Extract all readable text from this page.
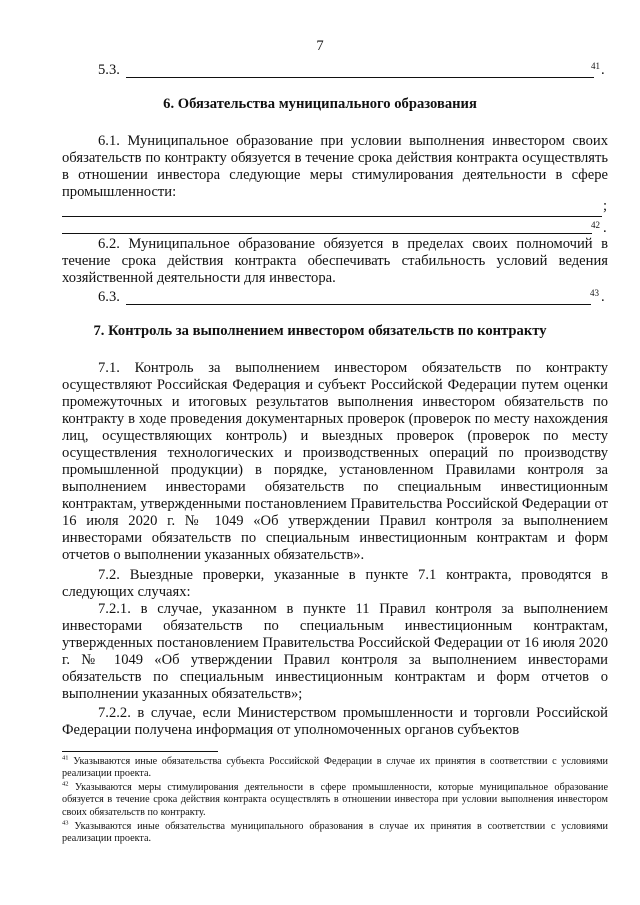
7
5.3.	41 .
6. Обязательства муниципального образования
6.1. Муниципальное образование при условии выполнения инвестором своих обязательств по контракту обязуется в течение срока действия контракта осуществлять в отношении инвестора следующие меры стимулирования деятельности в сфере промышленности:
;
42 .
6.2. Муниципальное образование обязуется в пределах своих полномочий в течение срока действия контракта обеспечивать стабильность условий ведения хозяйственной деятельности для инвестора.
6.3.	43 .
7. Контроль за выполнением инвестором обязательств по контракту
7.1. Контроль за выполнением инвестором обязательств по контракту осуществляют Российская Федерация и субъект Российской Федерации путем оценки промежуточных и итоговых результатов выполнения инвестором обязательств по контракту в ходе проведения документарных проверок (проверок по месту нахождения лиц, осуществляющих контроль) и выездных проверок (проверок по месту осуществления технологических и производственных операций по производству промышленной продукции) в порядке, установленном Правилами контроля за выполнением инвесторами обязательств по специальным инвестиционным контрактам, утвержденными постановлением Правительства Российской Федерации от 16 июля 2020 г. № 1049 «Об утверждении Правил контроля за выполнением инвесторами обязательств по специальным инвестиционным контрактам и форм отчетов о выполнении указанных обязательств».
7.2. Выездные проверки, указанные в пункте 7.1 контракта, проводятся в следующих случаях:
7.2.1. в случае, указанном в пункте 11 Правил контроля за выполнением инвесторами обязательств по специальным инвестиционным контрактам, утвержденных постановлением Правительства Российской Федерации от 16 июля 2020 г. № 1049 «Об утверждении Правил контроля за выполнением инвесторами обязательств по специальным инвестиционным контрактам и форм отчетов о выполнении указанных обязательств»;
7.2.2. в случае, если Министерством промышленности и торговли Российской Федерации получена информация от уполномоченных органов субъектов
$^{41}$ Указываются иные обязательства субъекта Российской Федерации в случае их принятия в соответствии с условиями реализации проекта.
$^{42}$ Указываются меры стимулирования деятельности в сфере промышленности, которые муниципальное образование обязуется в течение срока действия контракта осуществлять в отношении инвестора при условии выполнения инвестором своих обязательств по контракту.
$^{43}$ Указываются иные обязательства муниципального образования в случае их принятия в соответствии с условиями реализации проекта.
